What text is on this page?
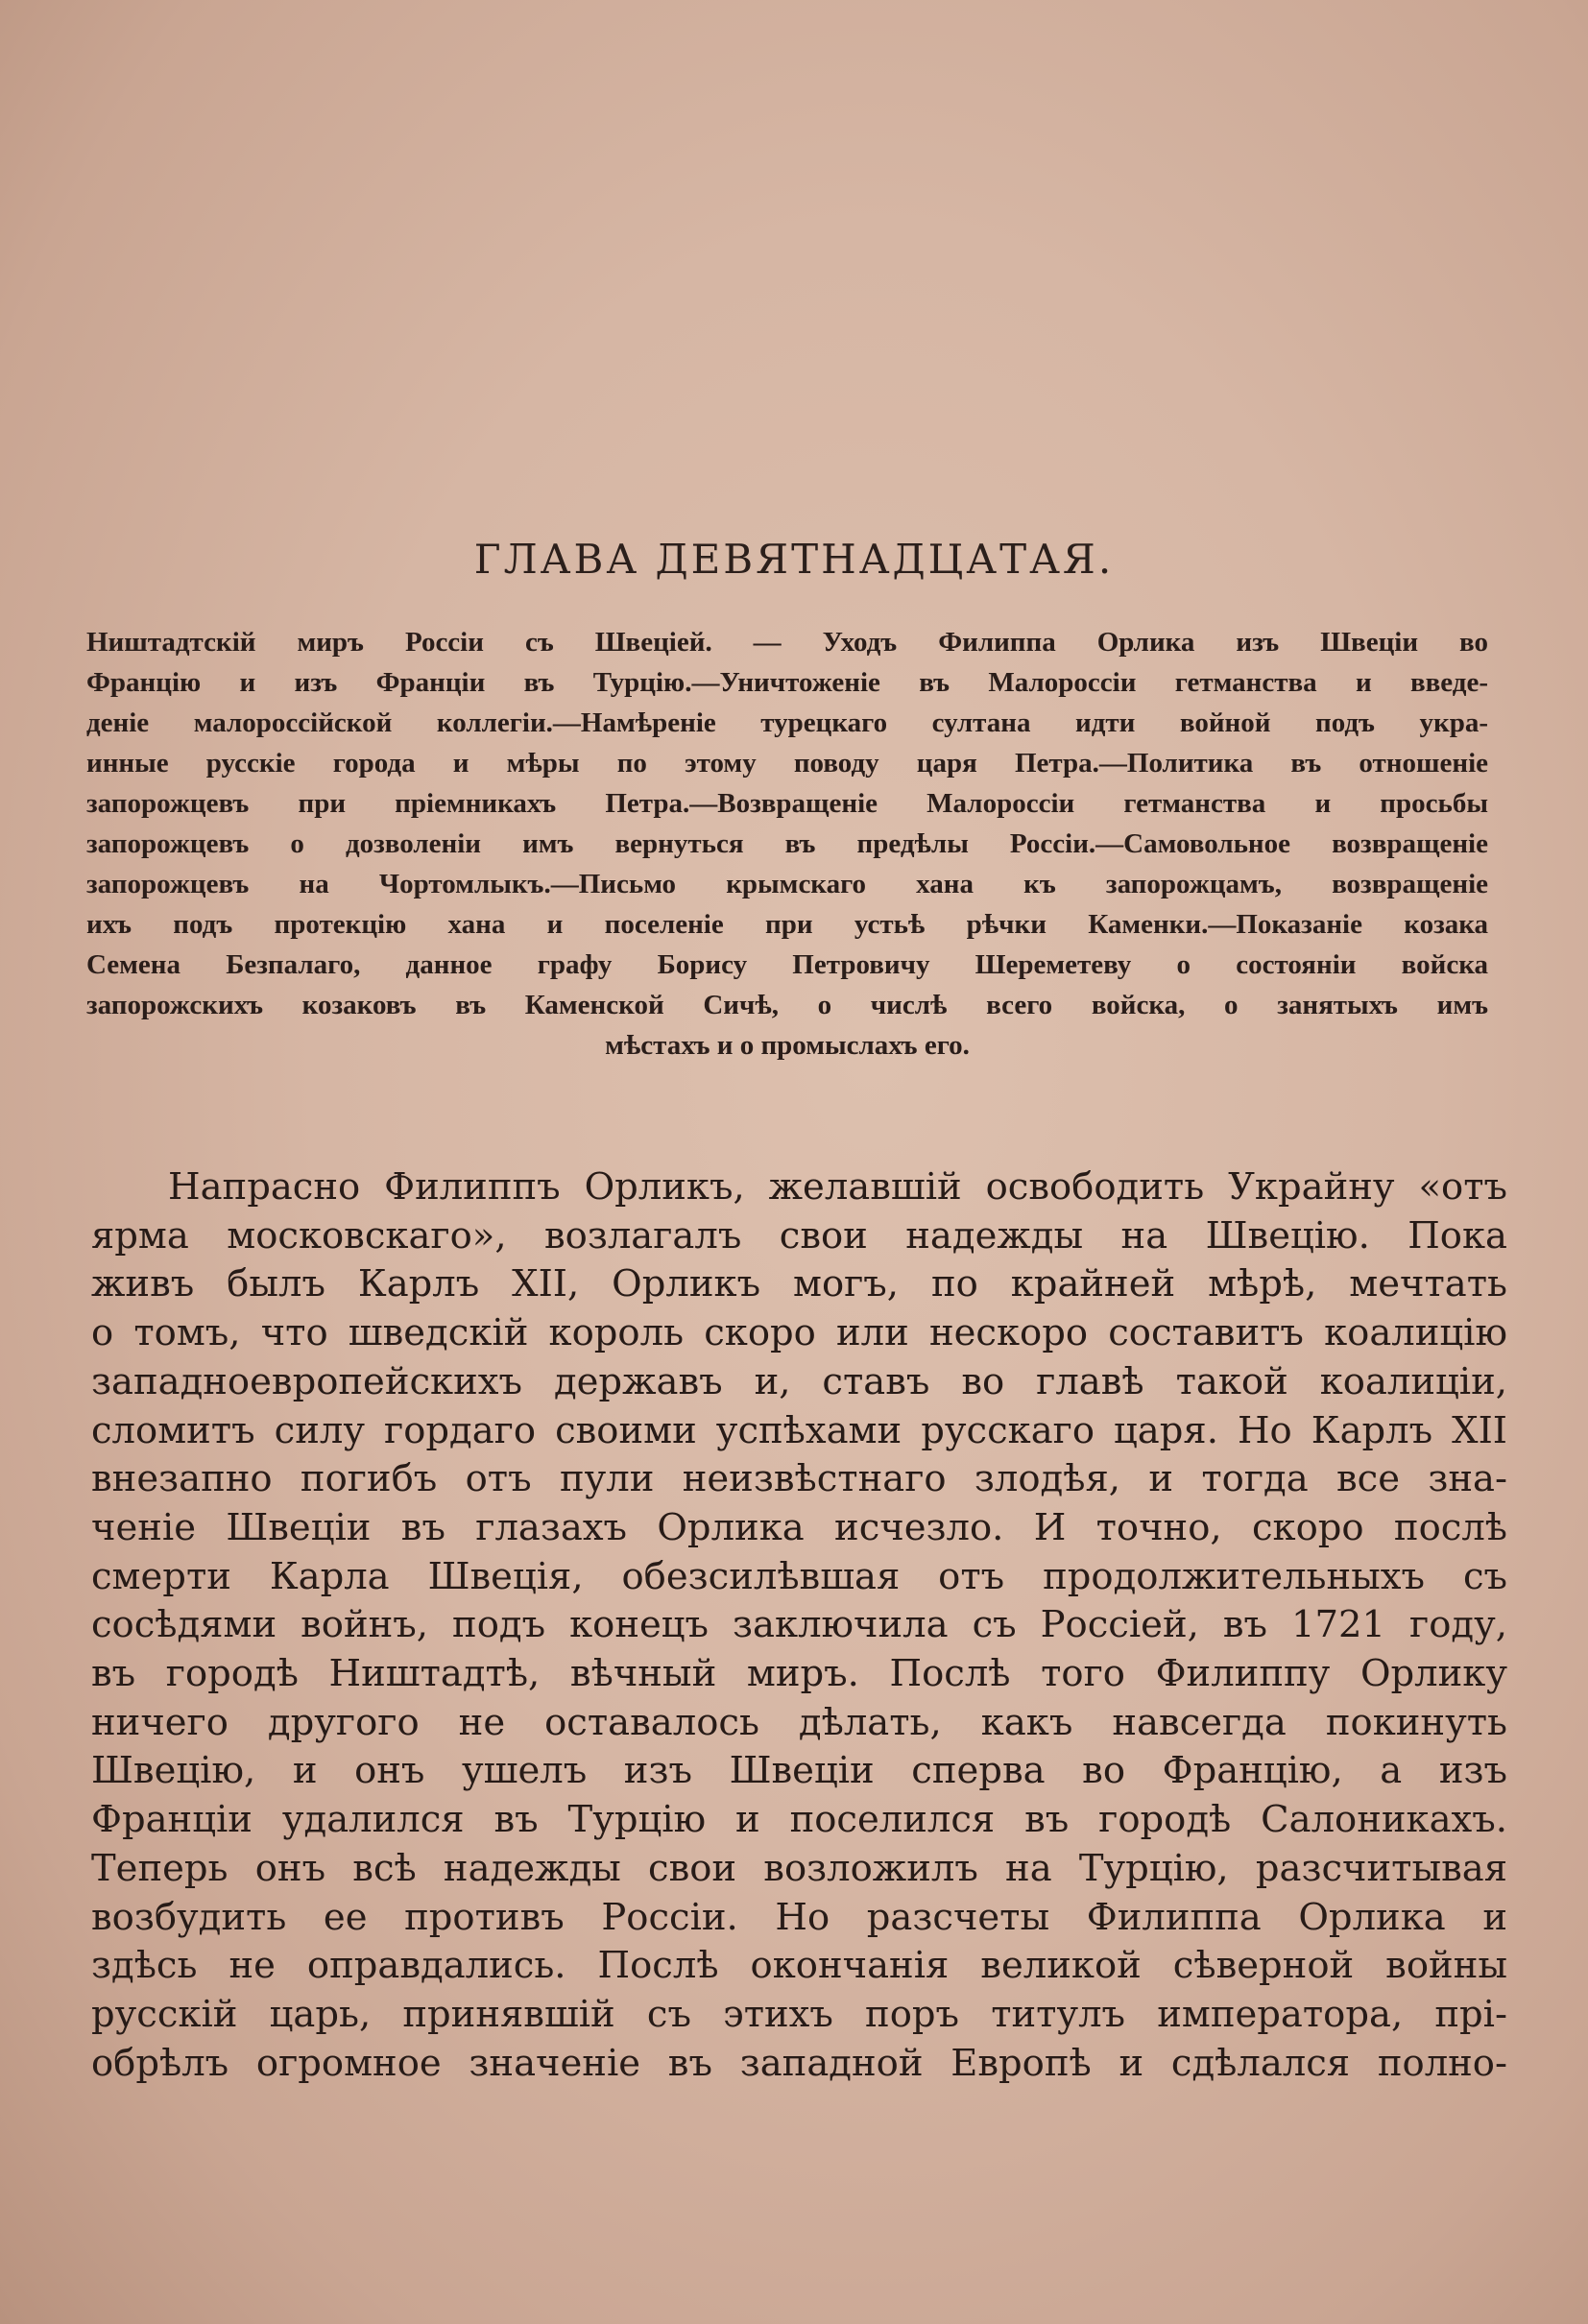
ГЛАВА ДЕВЯТНАДЦАТАЯ.
Ништадтскій миръ Россіи съ Швеціей. — Уходъ Филиппа Орлика изъ Швеціи во
Францію и изъ Франціи въ Турцію.—Уничтоженіе въ Малороссіи гетманства и введе-
деніе малороссійской коллегіи.—Намѣреніе турецкаго султана идти войной подъ укра-
инные русскіе города и мѣры по этому поводу царя Петра.—Политика въ отношеніе
запорожцевъ при пріемникахъ Петра.—Возвращеніе Малороссіи гетманства и просьбы
запорожцевъ о дозволеніи имъ вернуться въ предѣлы Россіи.—Самовольное возвращеніе
запорожцевъ на Чортомлыкъ.—Письмо крымскаго хана къ запорожцамъ, возвращеніе
ихъ подъ протекцію хана и поселеніе при устьѣ рѣчки Каменки.—Показаніе козака
Семена Безпалаго, данное графу Борису Петровичу Шереметеву о состояніи войска
запорожскихъ козаковъ въ Каменской Сичѣ, о числѣ всего войска, о занятыхъ имъ
мѣстахъ и о промыслахъ его.
Напрасно Филиппъ Орликъ, желавшій освободить Украйну «отъ
ярма московскаго», возлагалъ свои надежды на Швецію. Пока
живъ былъ Карлъ XII, Орликъ могъ, по крайней мѣрѣ, мечтать
о томъ, что шведскій король скоро или нескоро составитъ коалицію
западноевропейскихъ державъ и, ставъ во главѣ такой коалиціи,
сломитъ силу гордаго своими успѣхами русскаго царя. Но Карлъ XII
внезапно погибъ отъ пули неизвѣстнаго злодѣя, и тогда все зна-
ченіе Швеціи въ глазахъ Орлика исчезло. И точно, скоро послѣ
смерти Карла Швеція, обезсилѣвшая отъ продолжительныхъ съ
сосѣдями войнъ, подъ конецъ заключила съ Россіей, въ 1721 году,
въ городѣ Ништадтѣ, вѣчный миръ. Послѣ того Филиппу Орлику
ничего другого не оставалось дѣлать, какъ навсегда покинуть
Швецію, и онъ ушелъ изъ Швеціи сперва во Францію, а изъ
Франціи удалился въ Турцію и поселился въ городѣ Салоникахъ.
Теперь онъ всѣ надежды свои возложилъ на Турцію, разсчитывая
возбудить ее противъ Россіи. Но разсчеты Филиппа Орлика и
здѣсь не оправдались. Послѣ окончанія великой сѣверной войны
русскій царь, принявшій съ этихъ поръ титулъ императора, прі-
обрѣлъ огромное значеніе въ западной Европѣ и сдѣлался полно-
